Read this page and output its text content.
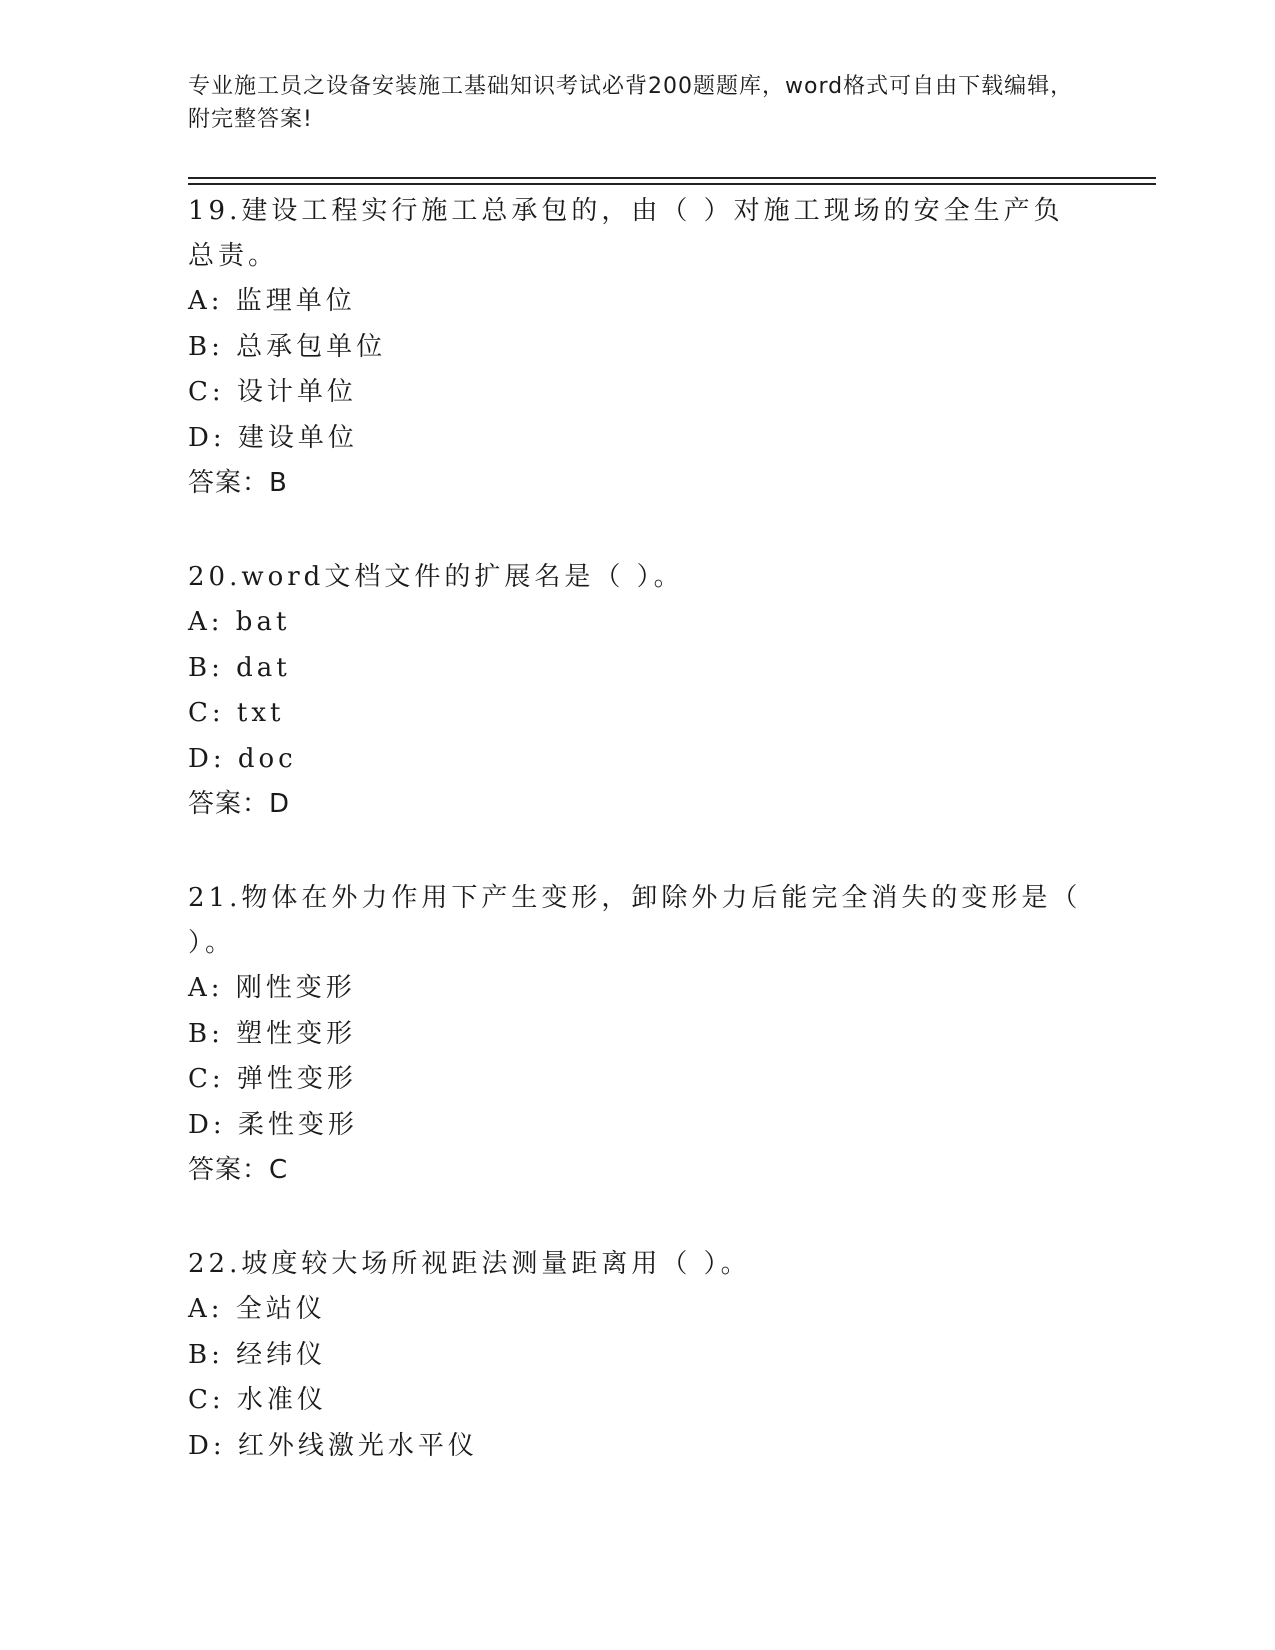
专业施工员之设备安装施工基础知识考试必背200题题库，word格式可自由下载编辑，附完整答案!

19.建设工程实行施工总承包的，由（ ）对施工现场的安全生产负总责。

A: 监理单位

B: 总承包单位

C: 设计单位

D: 建设单位

答案：B

20.word文档文件的扩展名是（ ）。

A: bat

B: dat

C: txt

D: doc

答案：D

21.物体在外力作用下产生变形，卸除外力后能完全消失的变形是（ ）。

A: 刚性变形

B: 塑性变形

C: 弹性变形

D: 柔性变形

答案：C

22.坡度较大场所视距法测量距离用（ ）。

A: 全站仪

B: 经纬仪

C: 水准仪

D: 红外线激光水平仪
